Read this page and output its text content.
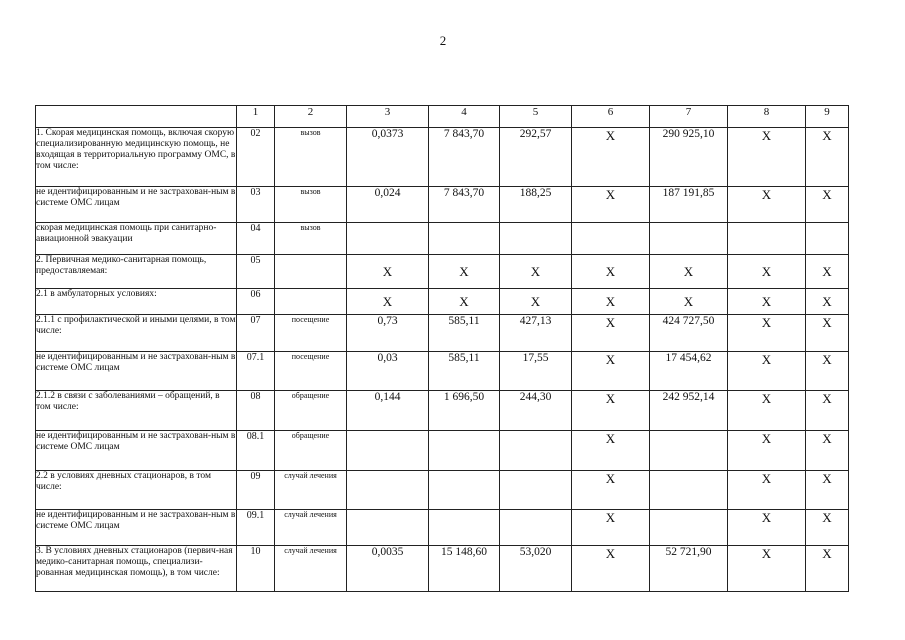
2
	1	2	3	4	5	6	7	8	9
1. Скорая медицинская помощь, включая скорую специализированную медицинскую помощь, не входящая в территориальную программу ОМС, в том числе:	02	вызов	0,0373	7 843,70	292,57	X	290 925,10	X	X
не идентифицированным и не застрахован-ным в системе ОМС лицам	03	вызов	0,024	7 843,70	188,25	X	187 191,85	X	X
скорая медицинская помощь при санитарно-авиационной эвакуации	04	вызов							
2. Первичная медико-санитарная помощь, предоставляемая:	05		X	X	X	X	X	X	X
2.1 в амбулаторных условиях:	06		X	X	X	X	X	X	X
2.1.1 с профилактической и иными целями, в том числе:	07	посещение	0,73	585,11	427,13	X	424 727,50	X	X
не идентифицированным и не застрахован-ным в системе ОМС лицам	07.1	посещение	0,03	585,11	17,55	X	17 454,62	X	X
2.1.2 в связи с заболеваниями – обращений, в том числе:	08	обращение	0,144	1 696,50	244,30	X	242 952,14	X	X
не идентифицированным и не застрахован-ным в системе ОМС лицам	08.1	обращение				X		X	X
2.2 в условиях дневных стационаров, в том числе:	09	случай лечения				X		X	X
не идентифицированным и не застрахован-ным в системе ОМС лицам	09.1	случай лечения				X		X	X
3. В условиях дневных стационаров (первич-ная медико-санитарная помощь, специализи-рованная медицинская помощь), в том числе:	10	случай лечения	0,0035	15 148,60	53,020	X	52 721,90	X	X
